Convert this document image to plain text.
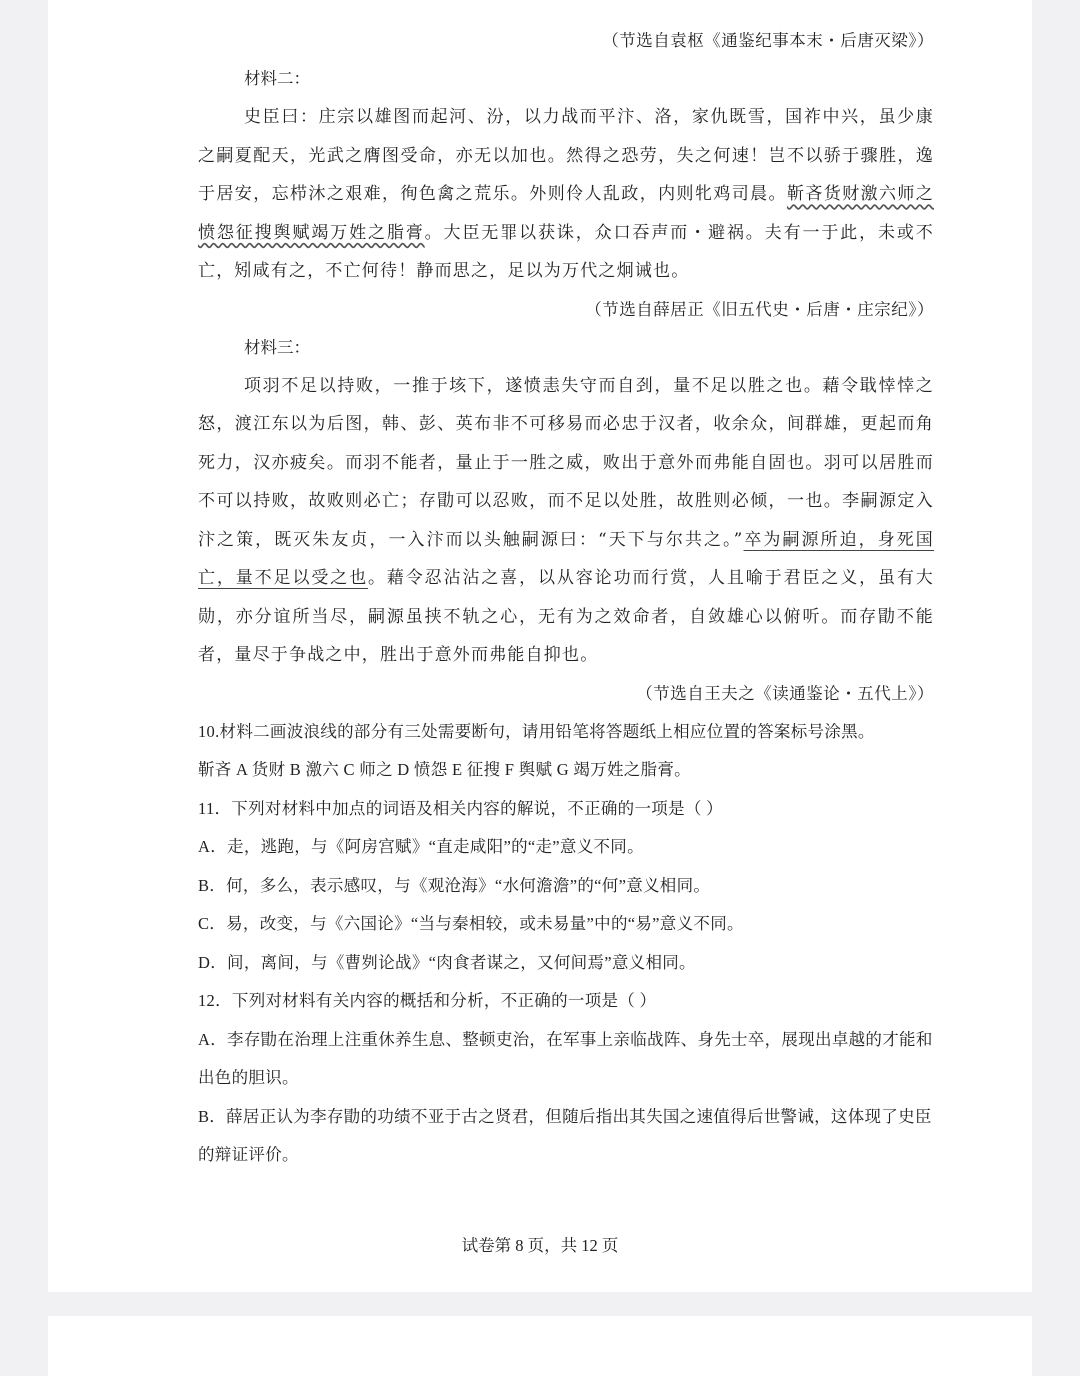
（节选自袁枢《通鉴纪事本末・后唐灭梁》）
材料二：
史臣曰：庄宗以雄图而起河、汾，以力战而平汴、洛，家仇既雪，国祚中兴，虽少康之嗣夏配天，光武之膺图受命，亦无以加也。然得之恐劳，失之何速！岂不以骄于骤胜，逸于居安，忘栉沐之艰难，徇色禽之荒乐。外则伶人乱政，内则牝鸡司晨。靳吝货财激六师之愤怨征搜舆赋竭万姓之脂膏。大臣无罪以获诛，众口吞声而・避祸。夫有一于此，未或不亡，矧咸有之，不亡何待！静而思之，足以为万代之炯诫也。
（节选自薛居正《旧五代史・后唐・庄宗纪》）
材料三：
项羽不足以持败，一推于垓下，遂愤恚失守而自刭，量不足以胜之也。藉令戢悻悻之怒，渡江东以为后图，韩、彭、英布非不可移易而必忠于汉者，收余众，间群雄，更起而角死力，汉亦疲矣。而羽不能者，量止于一胜之威，败出于意外而弗能自固也。羽可以居胜而不可以持败，故败则必亡；存勖可以忍败，而不足以处胜，故胜则必倾，一也。李嗣源定入汴之策，既灭朱友贞，一入汴而以头触嗣源曰：“天下与尔共之。”卒为嗣源所迫，身死国亡，量不足以受之也。藉令忍沾沾之喜，以从容论功而行赏，人且喻于君臣之义，虽有大勋，亦分谊所当尽，嗣源虽挟不轨之心，无有为之效命者，自敛雄心以俯听。而存勖不能者，量尽于争战之中，胜出于意外而弗能自抑也。
（节选自王夫之《读通鉴论・五代上》）
10.材料二画波浪线的部分有三处需要断句，请用铅笔将答题纸上相应位置的答案标号涂黑。
靳吝 A 货财 B 激六 C 师之 D 愤怨 E 征搜 F 舆赋 G 竭万姓之脂膏。
11．下列对材料中加点的词语及相关内容的解说，不正确的一项是（ ）
A．走，逃跑，与《阿房宫赋》“直走咸阳”的“走”意义不同。
B．何，多么，表示感叹，与《观沧海》“水何澹澹”的“何”意义相同。
C．易，改变，与《六国论》“当与秦相较，或未易量”中的“易”意义不同。
D．间，离间，与《曹刿论战》“肉食者谋之，又何间焉”意义相同。
12．下列对材料有关内容的概括和分析，不正确的一项是（ ）
A．李存勖在治理上注重休养生息、整顿吏治，在军事上亲临战阵、身先士卒，展现出卓越的才能和出色的胆识。
B．薛居正认为李存勖的功绩不亚于古之贤君，但随后指出其失国之速值得后世警诫，这体现了史臣的辩证评价。
试卷第 8 页，共 12 页
